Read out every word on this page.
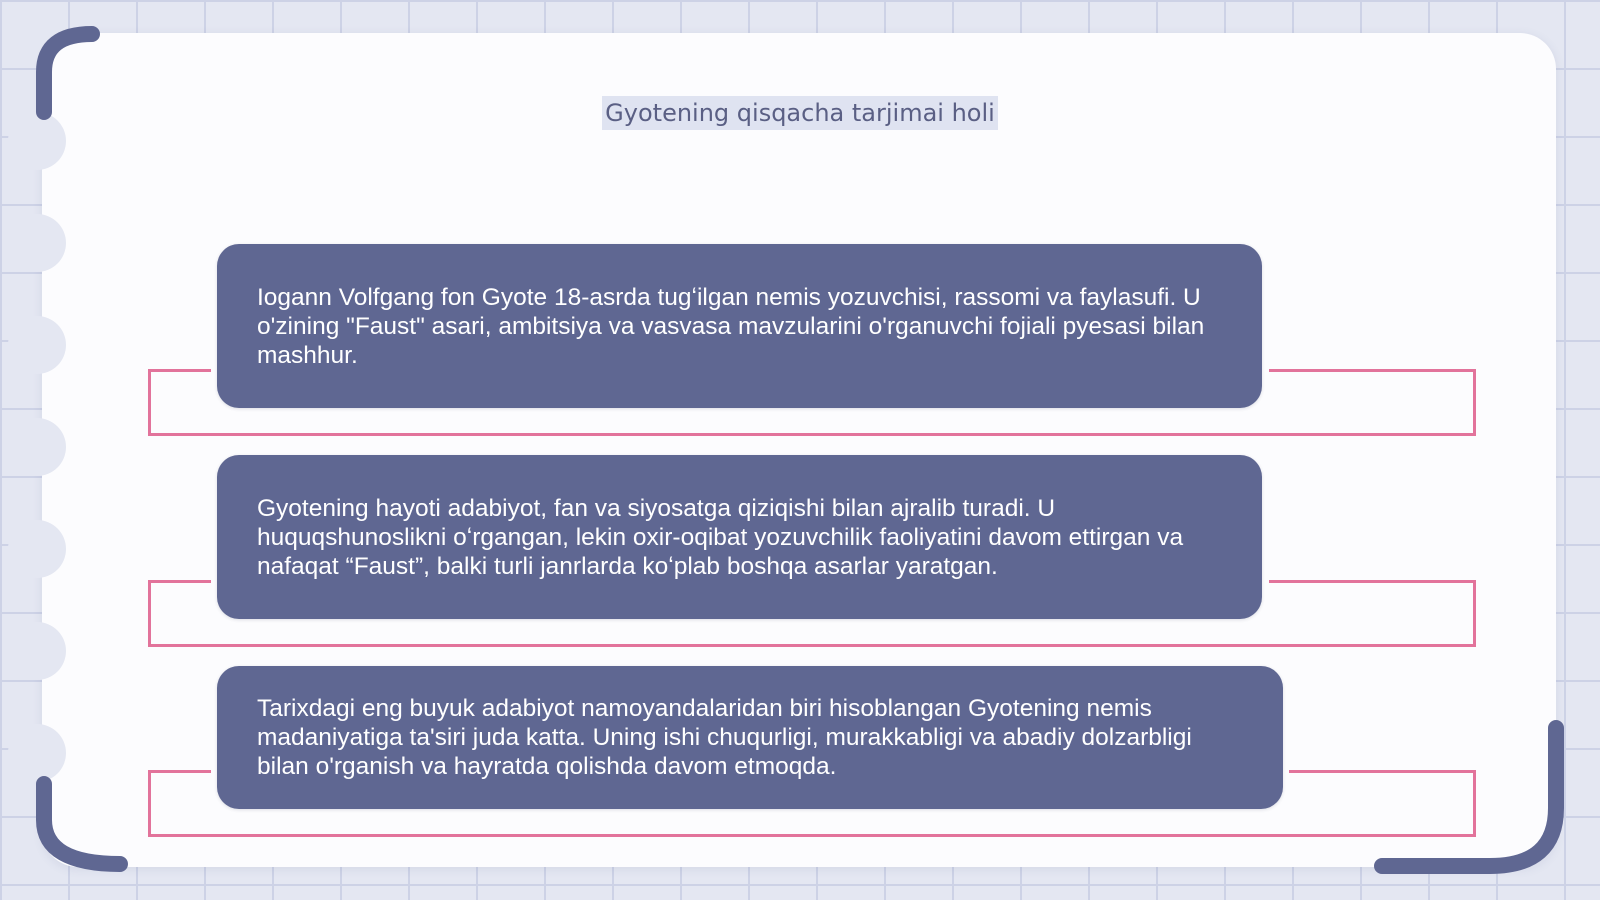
Gyotening qisqacha tarjimai holi

Iogann Volfgang fon Gyote 18-asrda tugʻilgan nemis yozuvchisi, rassomi va faylasufi. U o'zining "Faust" asari, ambitsiya va vasvasa mavzularini o'rganuvchi fojiali pyesasi bilan mashhur.

Gyotening hayoti adabiyot, fan va siyosatga qiziqishi bilan ajralib turadi. U huquqshunoslikni oʻrgangan, lekin oxir-oqibat yozuvchilik faoliyatini davom ettirgan va nafaqat “Faust”, balki turli janrlarda koʻplab boshqa asarlar yaratgan.

Tarixdagi eng buyuk adabiyot namoyandalaridan biri hisoblangan Gyotening nemis madaniyatiga ta'siri juda katta. Uning ishi chuqurligi, murakkabligi va abadiy dolzarbligi bilan o'rganish va hayratda qolishda davom etmoqda.
